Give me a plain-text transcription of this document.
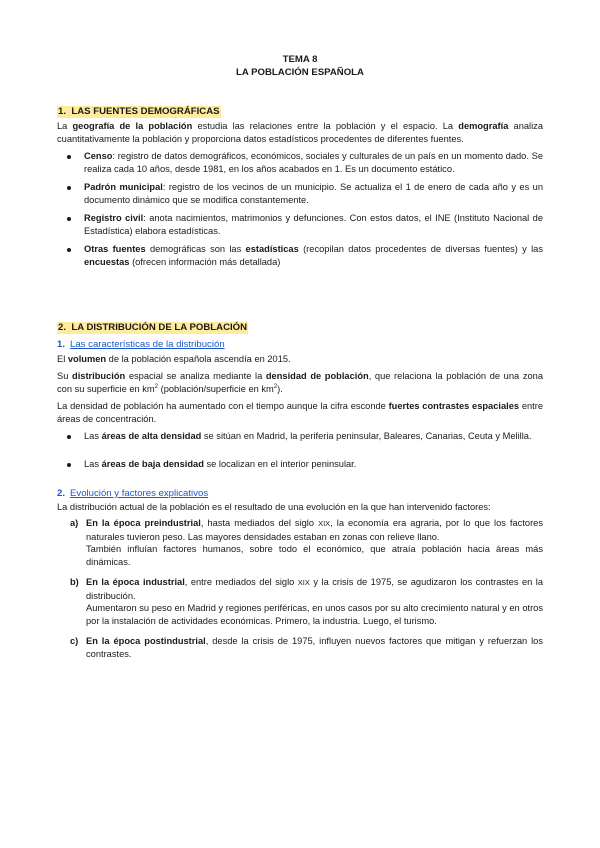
TEMA 8
LA POBLACIÓN ESPAÑOLA
1. LAS FUENTES DEMOGRÁFICAS

La geografía de la población estudia las relaciones entre la población y el espacio. La demografía analiza cuantitativamente la población y proporciona datos estadísticos procedentes de diferentes fuentes.

Censo: registro de datos demográficos, económicos, sociales y culturales de un país en un momento dado. Se realiza cada 10 años, desde 1981, en los años acabados en 1. Es un documento estático.

Padrón municipal: registro de los vecinos de un municipio. Se actualiza el 1 de enero de cada año y es un documento dinámico que se modifica constantemente.

Registro civil: anota nacimientos, matrimonios y defunciones. Con estos datos, el INE (Instituto Nacional de Estadística) elabora estadísticas.

Otras fuentes demográficas son las estadísticas (recopilan datos procedentes de diversas fuentes) y las encuestas (ofrecen información más detallada)

2. LA DISTRIBUCIÓN DE LA POBLACIÓN
1. Las características de la distribución

El volumen de la población española ascendía en 2015.

Su distribución espacial se analiza mediante la densidad de población, que relaciona la población de una zona con su superficie en $km^2$ (población/superficie en $km^2$).

La densidad de población ha aumentado con el tiempo aunque la cifra esconde fuertes contrastes espaciales entre áreas de concentración.

Las áreas de alta densidad se sitúan en Madrid, la periferia peninsular, Baleares, Canarias, Ceuta y Melilla.

Las áreas de baja densidad se localizan en el interior peninsular.

2. Evolución y factores explicativos

La distribución actual de la población es el resultado de una evolución en la que han intervenido factores:

a) En la época preindustrial, hasta mediados del siglo XIX, la economía era agraria, por lo que los factores naturales tuvieron peso. Las mayores densidades estaban en zonas con relieve llano.
También influían factores humanos, sobre todo el económico, que atraía población hacia áreas más dinámicas.

b) En la época industrial, entre mediados del siglo XIX y la crisis de 1975, se agudizaron los contrastes en la distribución.
Aumentaron su peso en Madrid y regiones periféricas, en unos casos por su alto crecimiento natural y en otros por la instalación de actividades económicas. Primero, la industria. Luego, el turismo.

c) En la época postindustrial, desde la crisis de 1975, influyen nuevos factores que mitigan y refuerzan los contrastes.
